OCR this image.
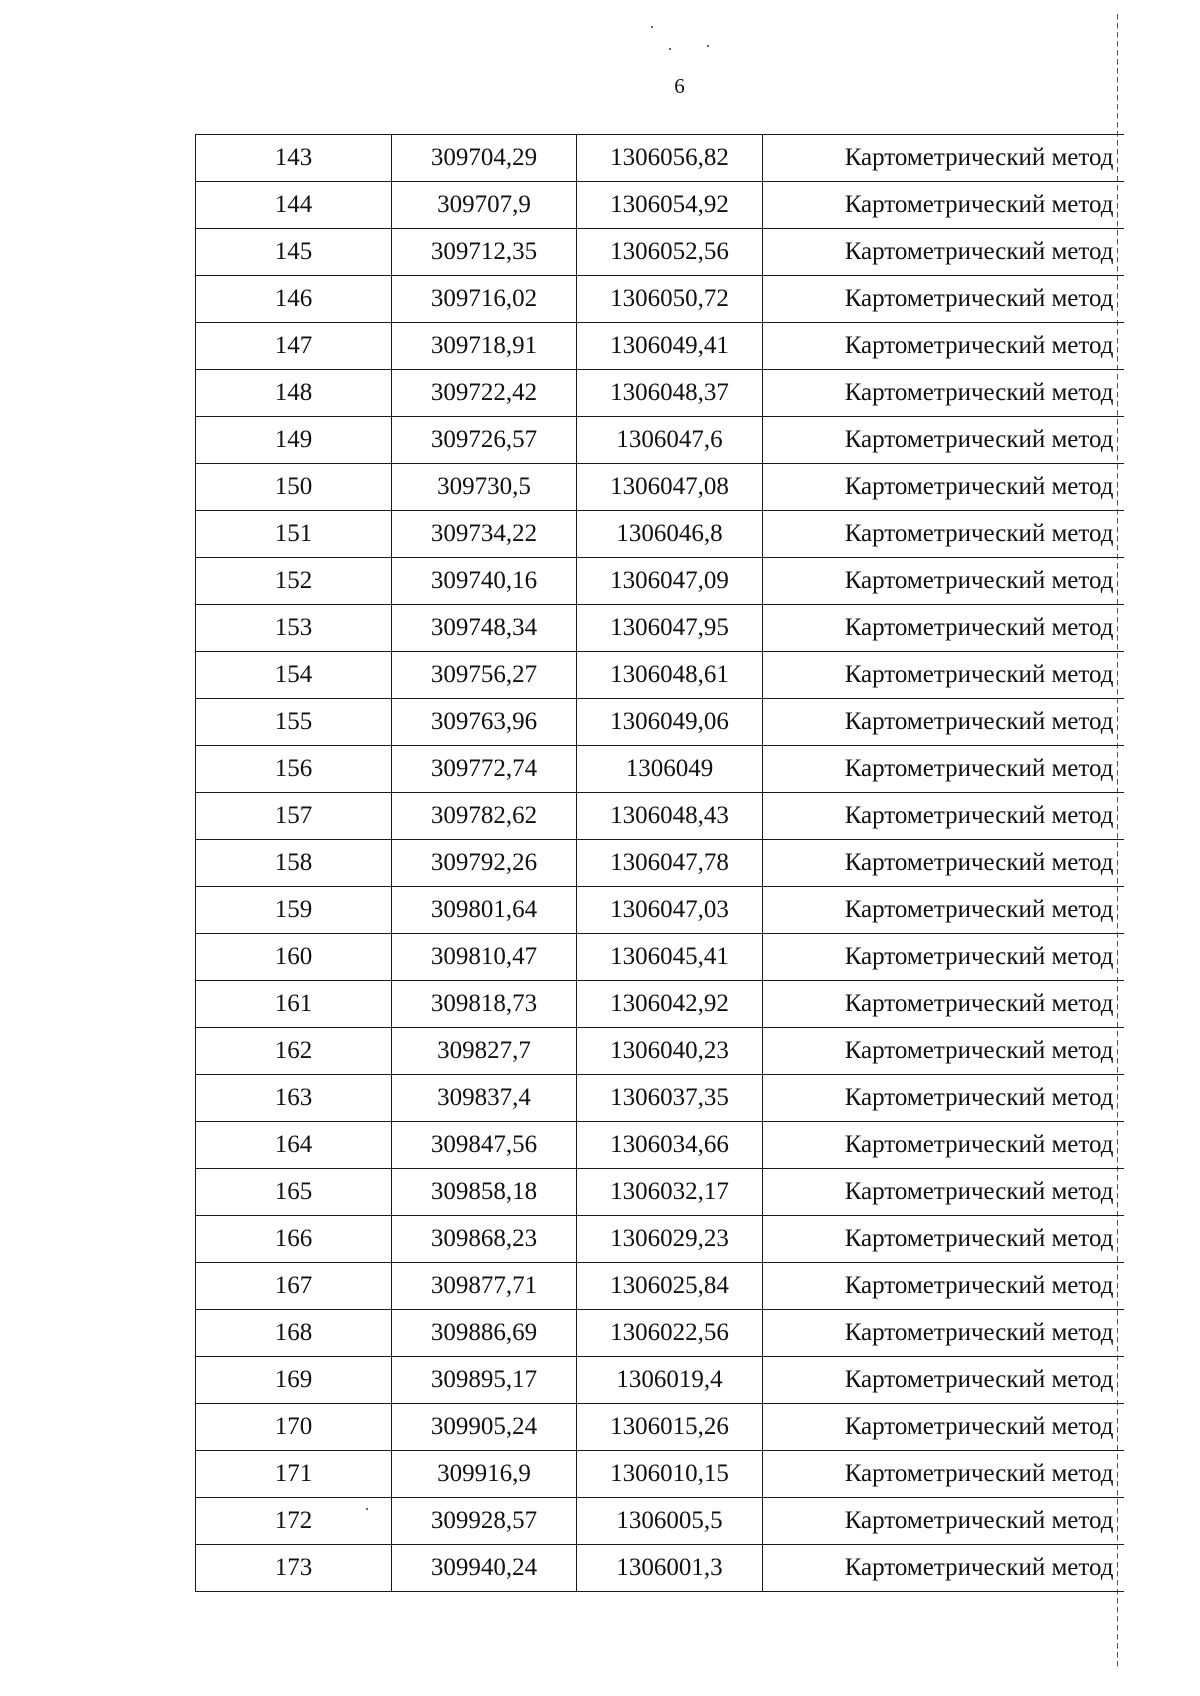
6
143	309704,29	1306056,82	Картометрический метод
144	309707,9	1306054,92	Картометрический метод
145	309712,35	1306052,56	Картометрический метод
146	309716,02	1306050,72	Картометрический метод
147	309718,91	1306049,41	Картометрический метод
148	309722,42	1306048,37	Картометрический метод
149	309726,57	1306047,6	Картометрический метод
150	309730,5	1306047,08	Картометрический метод
151	309734,22	1306046,8	Картометрический метод
152	309740,16	1306047,09	Картометрический метод
153	309748,34	1306047,95	Картометрический метод
154	309756,27	1306048,61	Картометрический метод
155	309763,96	1306049,06	Картометрический метод
156	309772,74	1306049	Картометрический метод
157	309782,62	1306048,43	Картометрический метод
158	309792,26	1306047,78	Картометрический метод
159	309801,64	1306047,03	Картометрический метод
160	309810,47	1306045,41	Картометрический метод
161	309818,73	1306042,92	Картометрический метод
162	309827,7	1306040,23	Картометрический метод
163	309837,4	1306037,35	Картометрический метод
164	309847,56	1306034,66	Картометрический метод
165	309858,18	1306032,17	Картометрический метод
166	309868,23	1306029,23	Картометрический метод
167	309877,71	1306025,84	Картометрический метод
168	309886,69	1306022,56	Картометрический метод
169	309895,17	1306019,4	Картометрический метод
170	309905,24	1306015,26	Картометрический метод
171	309916,9	1306010,15	Картометрический метод
172	309928,57	1306005,5	Картометрический метод
173	309940,24	1306001,3	Картометрический метод
